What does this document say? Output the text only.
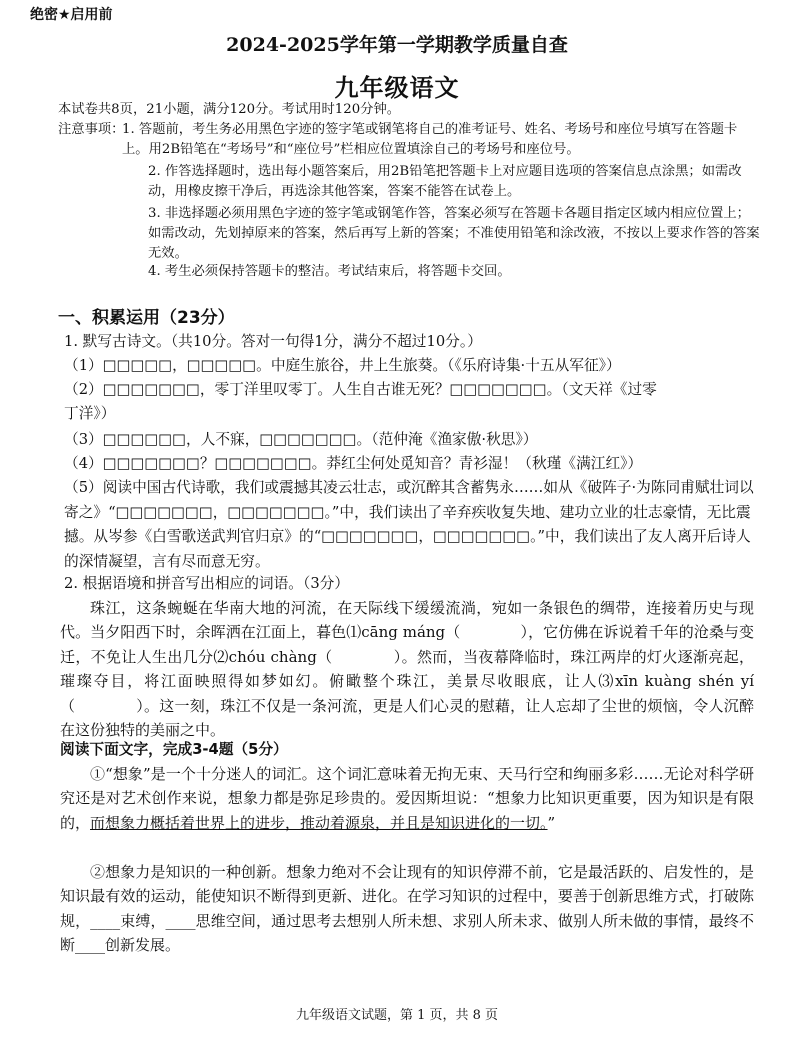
绝密★启用前
2024-2025学年第一学期教学质量自查
九年级语文
本试卷共8页，21小题，满分120分。考试用时120分钟。
注意事项：
1. 答题前，考生务必用黑色字迹的签字笔或钢笔将自己的准考证号、姓名、考场号和座位号填写在答题卡上。用2B铅笔在“考场号”和“座位号”栏相应位置填涂自己的考场号和座位号。
2. 作答选择题时，选出每小题答案后，用2B铅笔把答题卡上对应题目选项的答案信息点涂黑；如需改动，用橡皮擦干净后，再选涂其他答案，答案不能答在试卷上。
3. 非选择题必须用黑色字迹的签字笔或钢笔作答，答案必须写在答题卡各题目指定区域内相应位置上；如需改动，先划掉原来的答案，然后再写上新的答案；不准使用铅笔和涂改液，不按以上要求作答的答案无效。
4. 考生必须保持答题卡的整洁。考试结束后，将答题卡交回。
一、积累运用（23分）
1. 默写古诗文。（共10分。答对一句得1分，满分不超过10分。）
（1）□□□□□，□□□□□。中庭生旅谷，井上生旅葵。（《乐府诗集·十五从军征》）
（2）□□□□□□□，零丁洋里叹零丁。人生自古谁无死？□□□□□□□。（文天祥《过零
丁洋》）
（3）□□□□□□，人不寐，□□□□□□□。（范仲淹《渔家傲·秋思》）
（4）□□□□□□□？□□□□□□□。莽红尘何处觅知音？青衫湿！（秋瑾《满江红》）
（5）阅读中国古代诗歌，我们或震撼其凌云壮志，或沉醉其含蓄隽永……如从《破阵子·为陈同甫赋壮词以寄之》“□□□□□□□，□□□□□□□。”中，我们读出了辛弃疾收复失地、建功立业的壮志豪情，无比震撼。从岑参《白雪歌送武判官归京》的“□□□□□□□，□□□□□□□。”中，我们读出了友人离开后诗人的深情凝望，言有尽而意无穷。
2. 根据语境和拼音写出相应的词语。（3分）
珠江，这条蜿蜒在华南大地的河流，在天际线下缓缓流淌，宛如一条银色的绸带，连接着历史与现代。当夕阳西下时，余晖洒在江面上，暮色⑴cāng máng（　　　　），它仿佛在诉说着千年的沧桑与变迁，不免让人生出几分⑵chóu chàng（　　　　）。然而，当夜幕降临时，珠江两岸的灯火逐渐亮起，璀璨夺目，将江面映照得如梦如幻。俯瞰整个珠江，美景尽收眼底，让人⑶xīn kuàng shén yí（　　　　）。这一刻，珠江不仅是一条河流，更是人们心灵的慰藉，让人忘却了尘世的烦恼，令人沉醉在这份独特的美丽之中。
阅读下面文字，完成3-4题（5分）
①“想象”是一个十分迷人的词汇。这个词汇意味着无拘无束、天马行空和绚丽多彩……无论对科学研究还是对艺术创作来说，想象力都是弥足珍贵的。爱因斯坦说：“想象力比知识更重要，因为知识是有限的，而想象力概括着世界上的进步，推动着源泉，并且是知识进化的一切。”
②想象力是知识的一种创新。想象力绝对不会让现有的知识停滞不前，它是最活跃的、启发性的，是知识最有效的运动，能使知识不断得到更新、进化。在学习知识的过程中，要善于创新思维方式，打破陈规，____束缚，____思维空间，通过思考去想别人所未想、求别人所未求、做别人所未做的事情，最终不断____创新发展。
九年级语文试题，第 1 页，共 8 页
